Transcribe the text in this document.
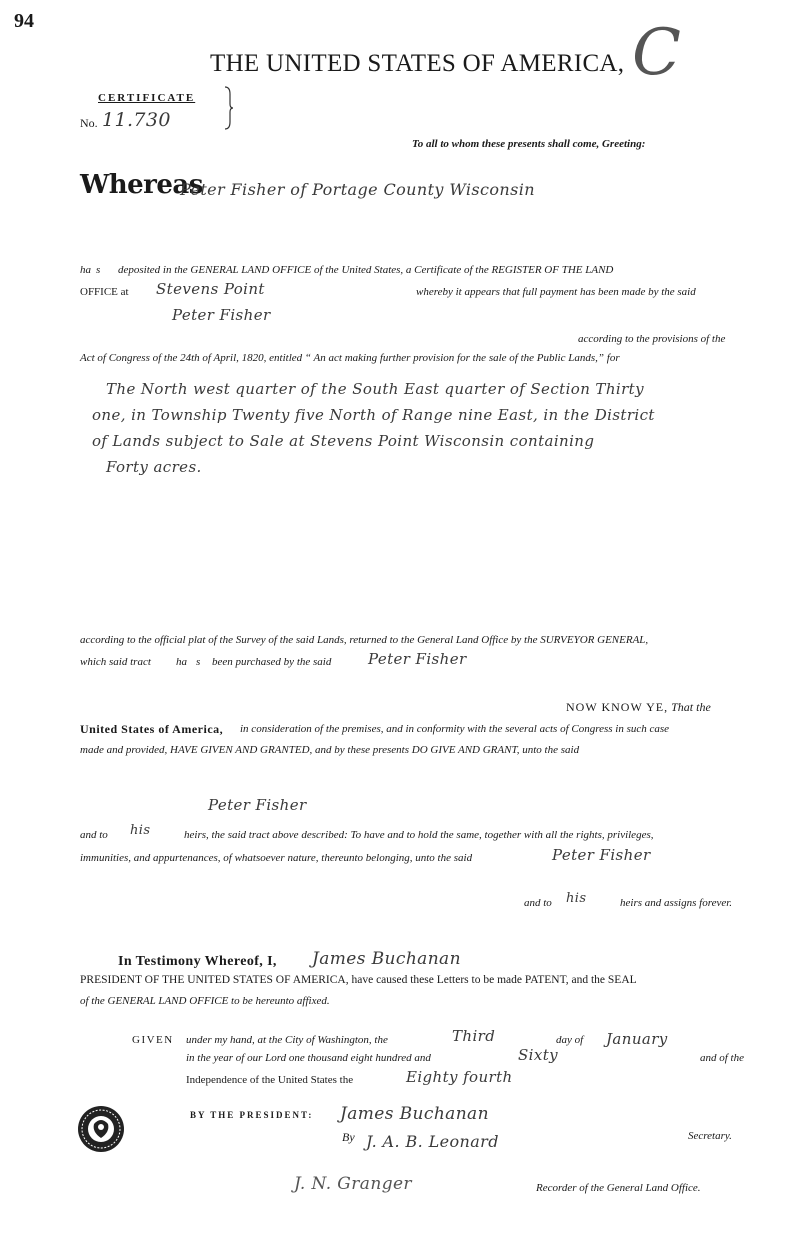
94
THE UNITED STATES OF AMERICA, C
CERTIFICATE
No. 11.730
To all to whom these presents shall come, Greeting:
Whereas
Peter Fisher of Portage County Wisconsin
ha s deposited in the GENERAL LAND OFFICE of the United States, a Certificate of the REGISTER OF THE LAND
OFFICE at Stevens Point	whereby it appears that full payment has been made by the said
Peter Fisher
according to the provisions of the
Act of Congress of the 24th of April, 1820, entitled “ An act making further provision for the sale of the Public Lands,” for
The North west quarter of the South East quarter of Section Thirty
one, in Township Twenty five North of Range nine East, in the District
of Lands subject to Sale at Stevens Point Wisconsin containing
Forty acres.
according to the official plat of the Survey of the said Lands, returned to the General Land Office by the SURVEYOR GENERAL,
which said tract ha s been purchased by the said Peter Fisher
NOW KNOW YE, That the
United States of America, in consideration of the premises, and in conformity with the several acts of Congress in such case
made and provided, HAVE GIVEN AND GRANTED, and by these presents DO GIVE AND GRANT, unto the said
Peter Fisher
and to his	heirs, the said tract above described: To have and to hold the same, together with all the rights, privileges,
immunities, and appurtenances, of whatsoever nature, thereunto belonging, unto the said	Peter Fisher
and to his	heirs and assigns forever.
In Testimony Whereof, I, James Buchanan
PRESIDENT OF THE UNITED STATES OF AMERICA, have caused these Letters to be made PATENT, and the SEAL
of the GENERAL LAND OFFICE to be hereunto affixed.
GIVEN under my hand, at the City of Washington, the	Third	day of January
in the year of our Lord one thousand eight hundred and	Sixty	and of the
Independence of the United States the	Eighty fourth
BY THE PRESIDENT: James Buchanan
By J. A. B. Leonard	Secretary.
J. N. Granger	Recorder of the General Land Office.
